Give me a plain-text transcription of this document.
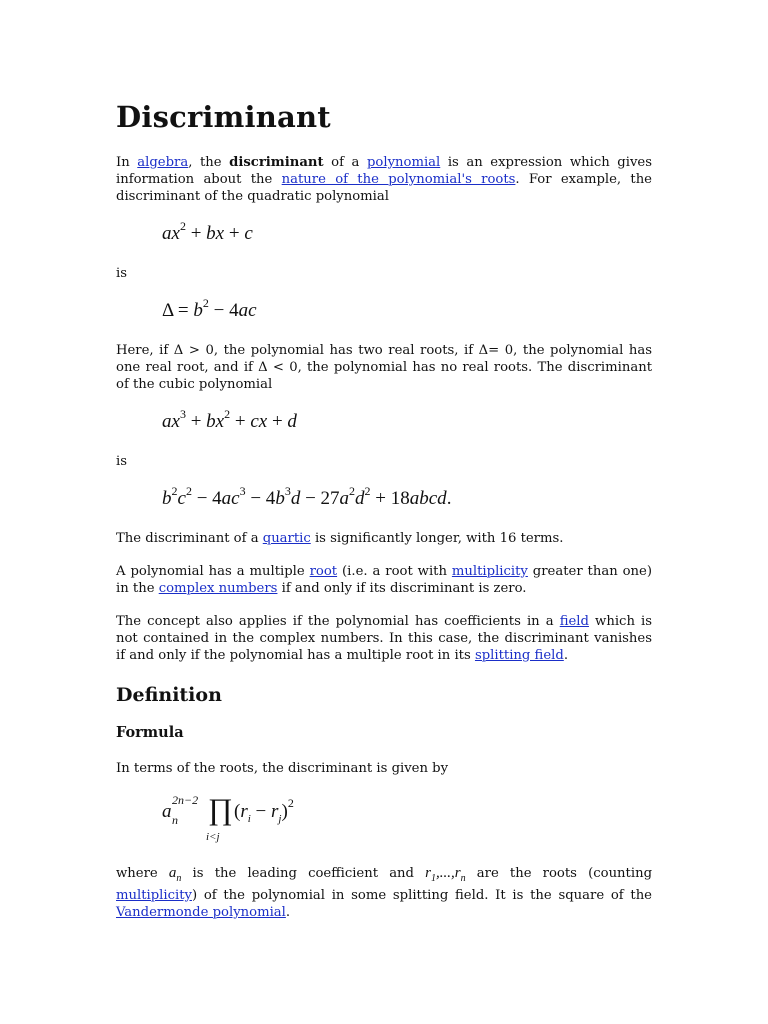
Discriminant

In algebra, the discriminant of a polynomial is an expression which gives information about the nature of the polynomial's roots. For example, the discriminant of the quadratic polynomial

$ax^2$ + bx + c

is

$\Delta = b^2 - 4ac$

Here, if Δ > 0, the polynomial has two real roots, if Δ= 0, the polynomial has one real root, and if Δ < 0, the polynomial has no real roots. The discriminant of the cubic polynomial

$ax^3 + bx^2$ + cx + d

is

$b^2c^2 - 4ac^3 - 4b^3d - 27a^2d^2$ + 18abcd.

The discriminant of a quartic is significantly longer, with 16 terms.

A polynomial has a multiple root (i.e. a root with multiplicity greater than one) in the complex numbers if and only if its discriminant is zero.

The concept also applies if the polynomial has coefficients in a field which is not contained in the complex numbers. In this case, the discriminant vanishes if and only if the polynomial has a multiple root in its splitting field.

Definition
Formula

In terms of the roots, the discriminant is given by

a
2n−2
n ∏
i<j
$(r_i - r_j)^2$

where $a_n$ is the leading coefficient and $r_1,...,r_n$ are the roots (counting multiplicity) of the polynomial in some splitting field. It is the square of the Vandermonde polynomial.
